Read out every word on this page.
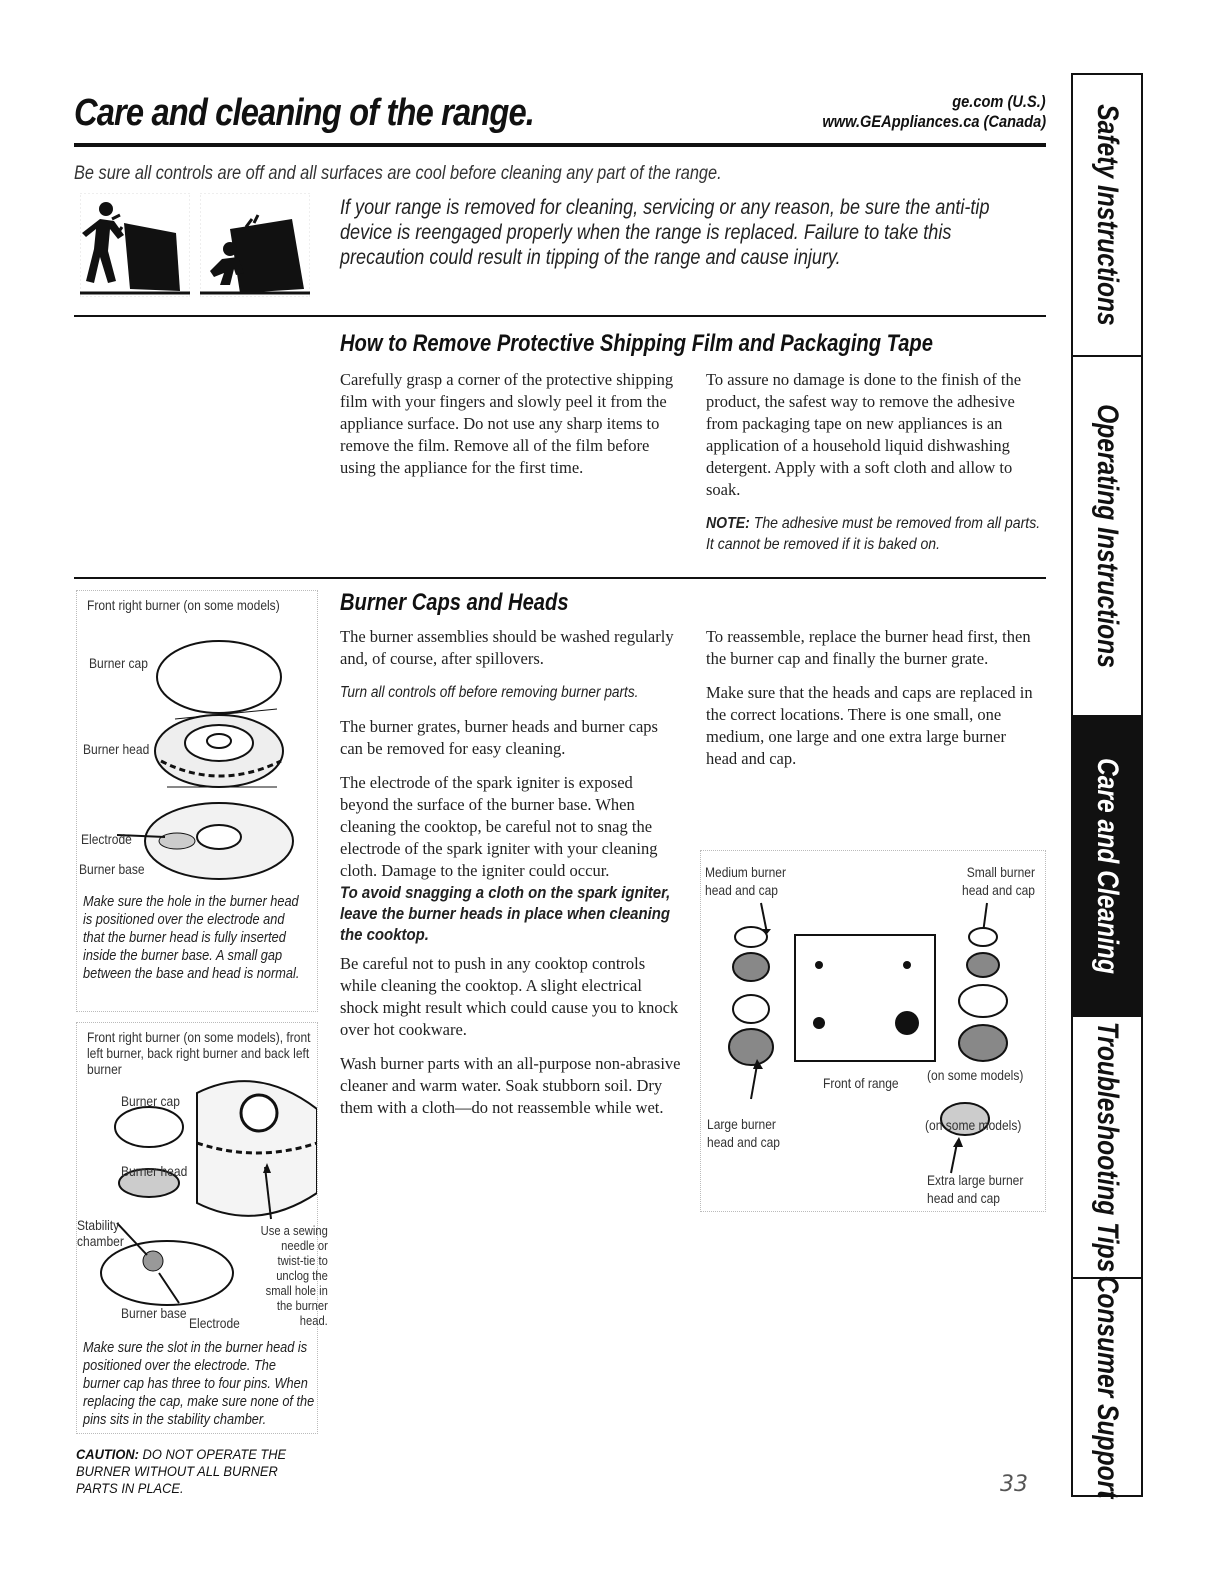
Care and cleaning of the range.	ge.com (U.S.)
www.GEAppliances.ca (Canada)
Be sure all controls are off and all surfaces are cool before cleaning any part of the range.
If your range is removed for cleaning, servicing or any reason, be sure the anti-tip device is reengaged properly when the range is replaced. Failure to take this precaution could result in tipping of the range and cause injury.
How to Remove Protective Shipping Film and Packaging Tape

Carefully grasp a corner of the protective shipping film with your fingers and slowly peel it from the appliance surface. Do not use any sharp items to remove the film. Remove all of the film before using the appliance for the first time.

To assure no damage is done to the finish of the product, the safest way to remove the adhesive from packaging tape on new appliances is an application of a household liquid dishwashing detergent. Apply with a soft cloth and allow to soak.

NOTE: The adhesive must be removed from all parts. It cannot be removed if it is baked on.
Front right burner (on some models)
Burner cap
Burner head
Electrode
Burner base
Make sure the hole in the burner head is positioned over the electrode and that the burner head is fully inserted inside the burner base. A small gap between the base and head is normal.
Front right burner (on some models), front left burner, back right burner and back left burner
Burner cap
Burner head
Stability chamber
Burner base
Electrode
Use a sewing needle or twist-tie to unclog the small hole in the burner head.
Make sure the slot in the burner head is positioned over the electrode. The burner cap has three to four pins. When replacing the cap, make sure none of the pins sits in the stability chamber.
CAUTION: DO NOT OPERATE THE BURNER WITHOUT ALL BURNER PARTS IN PLACE.
Burner Caps and Heads

The burner assemblies should be washed regularly and, of course, after spillovers.

Turn all controls off before removing burner parts.

The burner grates, burner heads and burner caps can be removed for easy cleaning.

The electrode of the spark igniter is exposed beyond the surface of the burner base. When cleaning the cooktop, be careful not to snag the electrode of the spark igniter with your cleaning cloth. Damage to the igniter could occur.

To avoid snagging a cloth on the spark igniter, leave the burner heads in place when cleaning the cooktop.

Be careful not to push in any cooktop controls while cleaning the cooktop. A slight electrical shock might result which could cause you to knock over hot cookware.

Wash burner parts with an all-purpose non-abrasive cleaner and warm water. Soak stubborn soil. Dry them with a cloth—do not reassemble while wet.

To reassemble, replace the burner head first, then the burner cap and finally the burner grate.

Make sure that the heads and caps are replaced in the correct locations. There is one small, one medium, one large and one extra large burner head and cap.

Medium burner head and cap
Small burner head and cap
Large burner head and cap
Front of range (on some models)
(on some models)
Extra large burner head and cap
33
Safety Instructions
Operating Instructions
Care and Cleaning
Troubleshooting Tips
Consumer Support
